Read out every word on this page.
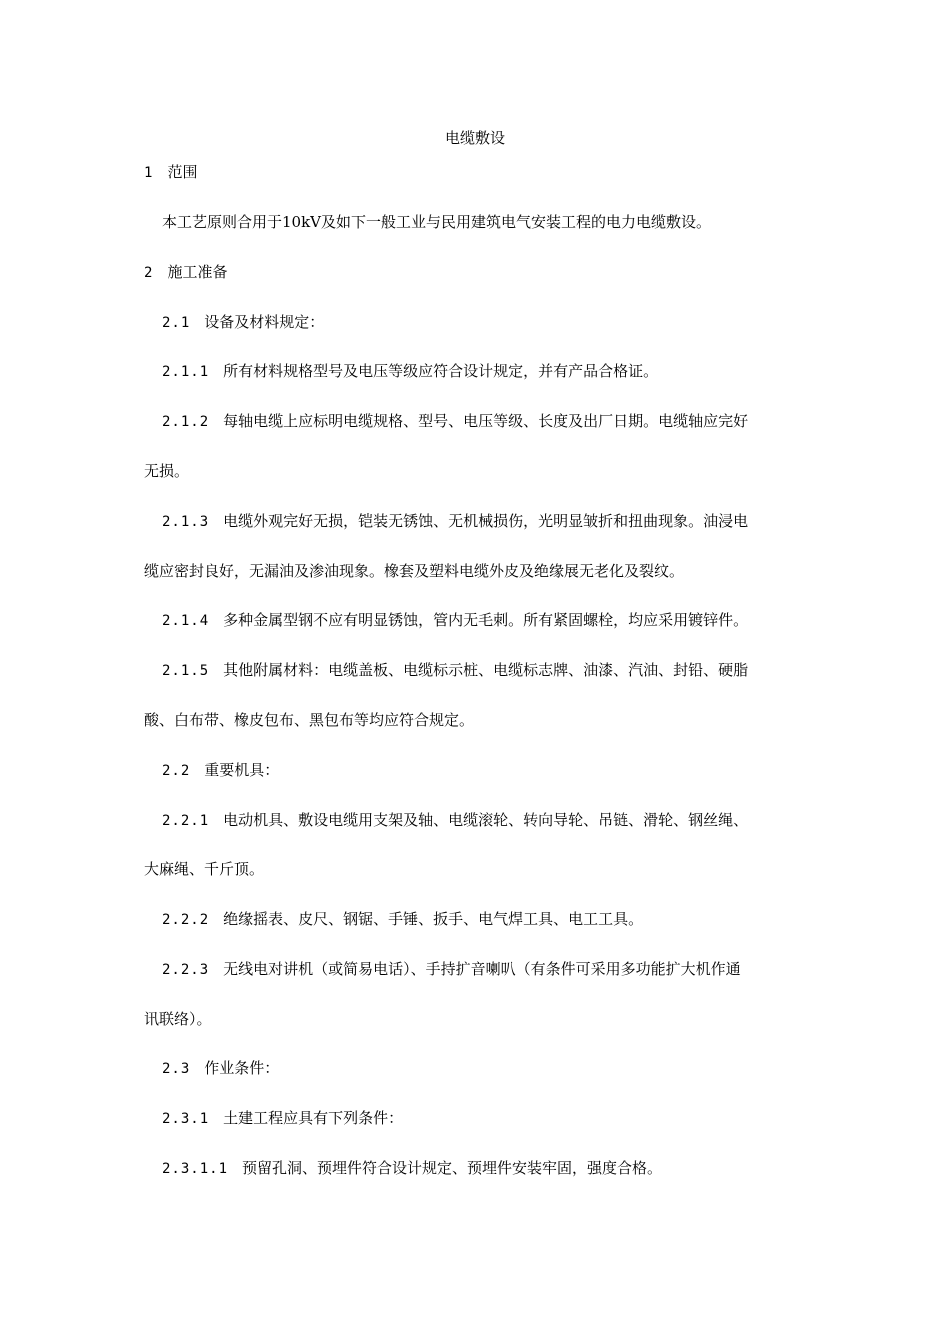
电缆敷设
1 范围
本工艺原则合用于10kV及如下一般工业与民用建筑电气安装工程的电力电缆敷设。
2 施工准备
2.1 设备及材料规定：
2.1.1 所有材料规格型号及电压等级应符合设计规定，并有产品合格证。
2.1.2 每轴电缆上应标明电缆规格、型号、电压等级、长度及出厂日期。电缆轴应完好
无损。
2.1.3 电缆外观完好无损，铠装无锈蚀、无机械损伤，光明显皱折和扭曲现象。油浸电
缆应密封良好，无漏油及渗油现象。橡套及塑料电缆外皮及绝缘展无老化及裂纹。
2.1.4 多种金属型钢不应有明显锈蚀，管内无毛刺。所有紧固螺栓，均应采用镀锌件。
2.1.5 其他附属材料：电缆盖板、电缆标示桩、电缆标志牌、油漆、汽油、封铅、硬脂
酸、白布带、橡皮包布、黑包布等均应符合规定。
2.2 重要机具：
2.2.1 电动机具、敷设电缆用支架及轴、电缆滚轮、转向导轮、吊链、滑轮、钢丝绳、
大麻绳、千斤顶。
2.2.2 绝缘摇表、皮尺、钢锯、手锤、扳手、电气焊工具、电工工具。
2.2.3 无线电对讲机（或简易电话）、手持扩音喇叭（有条件可采用多功能扩大机作通
讯联络）。
2.3 作业条件：
2.3.1 土建工程应具有下列条件：
2.3.1.1 预留孔洞、预埋件符合设计规定、预埋件安装牢固，强度合格。
